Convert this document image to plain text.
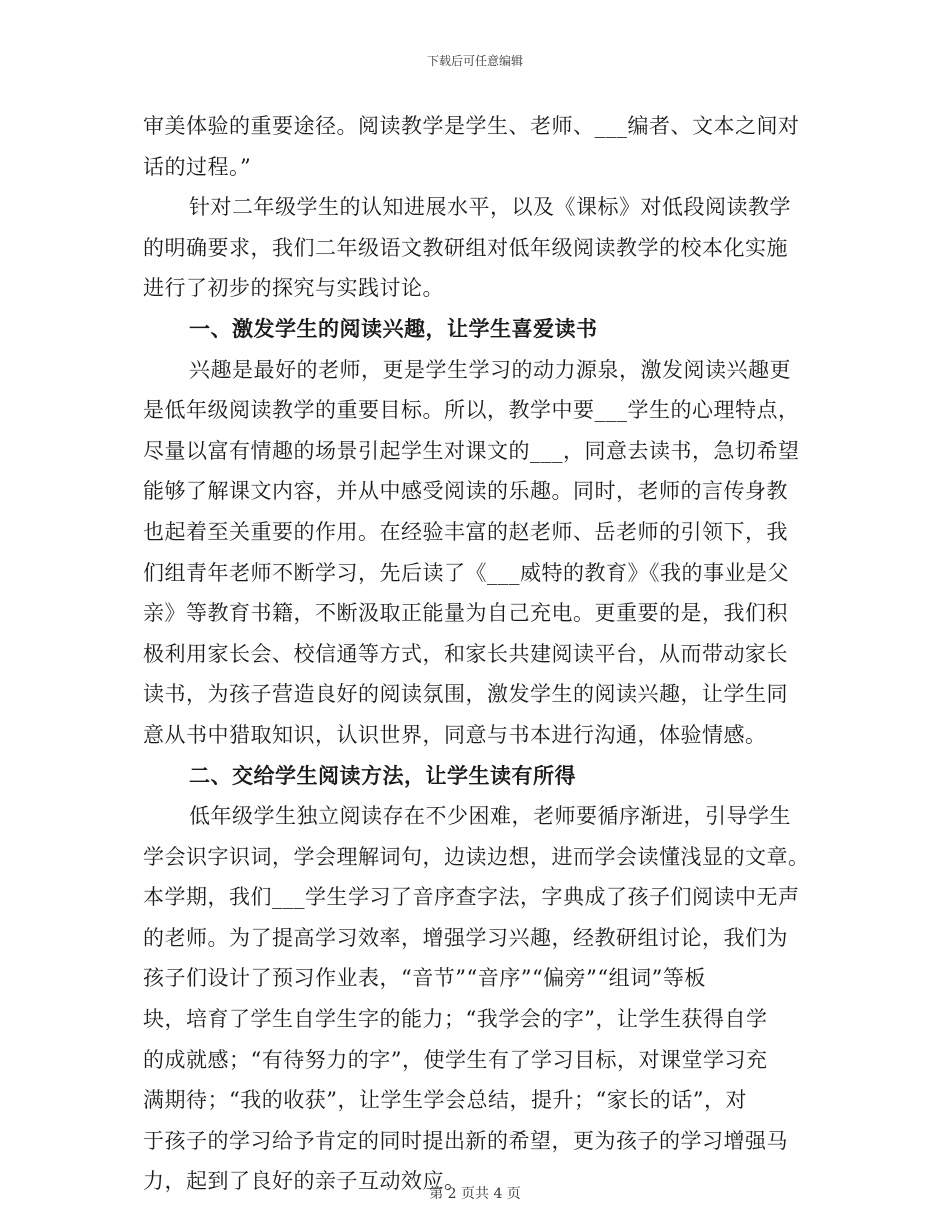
下载后可任意编辑
审美体验的重要途径。阅读教学是学生、老师、___编者、文本之间对
话的过程。”
针对二年级学生的认知进展水平，以及《课标》对低段阅读教学
的明确要求，我们二年级语文教研组对低年级阅读教学的校本化实施
进行了初步的探究与实践讨论。
一、激发学生的阅读兴趣，让学生喜爱读书
兴趣是最好的老师，更是学生学习的动力源泉，激发阅读兴趣更
是低年级阅读教学的重要目标。所以，教学中要___学生的心理特点，
尽量以富有情趣的场景引起学生对课文的___，同意去读书，急切希望
能够了解课文内容，并从中感受阅读的乐趣。同时，老师的言传身教
也起着至关重要的作用。在经验丰富的赵老师、岳老师的引领下，我
们组青年老师不断学习，先后读了《___威特的教育》《我的事业是父
亲》等教育书籍，不断汲取正能量为自己充电。更重要的是，我们积
极利用家长会、校信通等方式，和家长共建阅读平台，从而带动家长
读书，为孩子营造良好的阅读氛围，激发学生的阅读兴趣，让学生同
意从书中猎取知识，认识世界，同意与书本进行沟通，体验情感。
二、交给学生阅读方法，让学生读有所得
低年级学生独立阅读存在不少困难，老师要循序渐进，引导学生
学会识字识词，学会理解词句，边读边想，进而学会读懂浅显的文章。
本学期，我们___学生学习了音序查字法，字典成了孩子们阅读中无声
的老师。为了提高学习效率，增强学习兴趣，经教研组讨论，我们为
孩子们设计了预习作业表，“音节”“音序”“偏旁”“组词”等板
块，培育了学生自学生字的能力；“我学会的字”，让学生获得自学
的成就感；“有待努力的字”，使学生有了学习目标，对课堂学习充
满期待；“我的收获”，让学生学会总结，提升；“家长的话”，对
于孩子的学习给予肯定的同时提出新的希望，更为孩子的学习增强马
力，起到了良好的亲子互动效应。
第 2 页共 4 页
